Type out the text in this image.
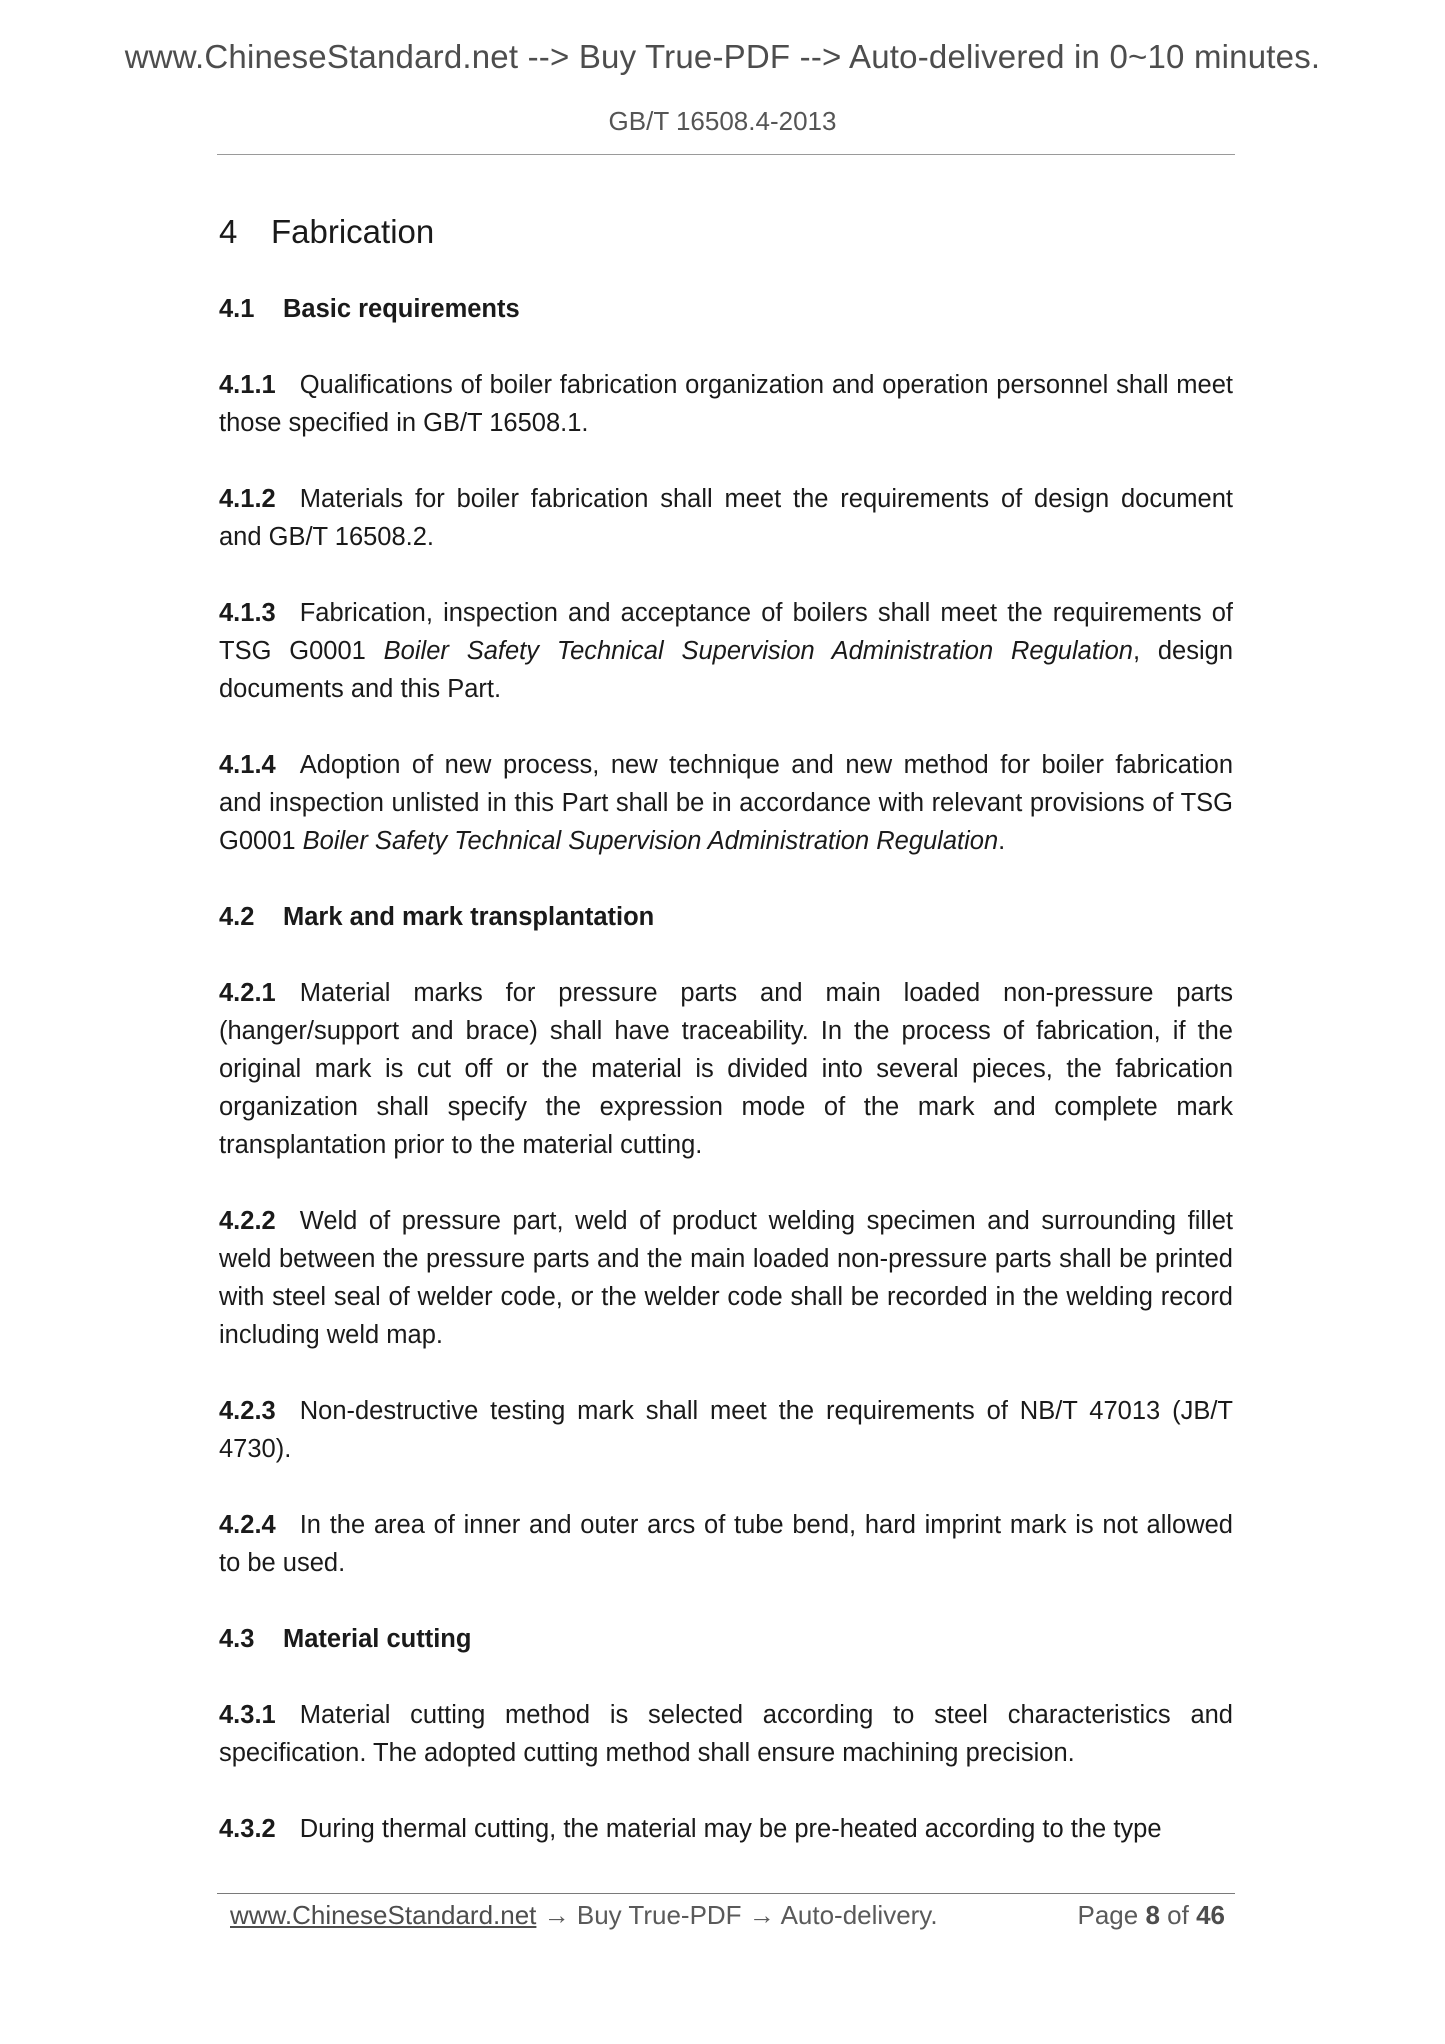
www.ChineseStandard.net --> Buy True-PDF --> Auto-delivered in 0~10 minutes.
GB/T 16508.4-2013
4 Fabrication
4.1 Basic requirements
4.1.1 Qualifications of boiler fabrication organization and operation personnel shall meet those specified in GB/T 16508.1.
4.1.2 Materials for boiler fabrication shall meet the requirements of design document and GB/T 16508.2.
4.1.3 Fabrication, inspection and acceptance of boilers shall meet the requirements of TSG G0001 Boiler Safety Technical Supervision Administration Regulation, design documents and this Part.
4.1.4 Adoption of new process, new technique and new method for boiler fabrication and inspection unlisted in this Part shall be in accordance with relevant provisions of TSG G0001 Boiler Safety Technical Supervision Administration Regulation.
4.2 Mark and mark transplantation
4.2.1 Material marks for pressure parts and main loaded non-pressure parts (hanger/support and brace) shall have traceability. In the process of fabrication, if the original mark is cut off or the material is divided into several pieces, the fabrication organization shall specify the expression mode of the mark and complete mark transplantation prior to the material cutting.
4.2.2 Weld of pressure part, weld of product welding specimen and surrounding fillet weld between the pressure parts and the main loaded non-pressure parts shall be printed with steel seal of welder code, or the welder code shall be recorded in the welding record including weld map.
4.2.3 Non-destructive testing mark shall meet the requirements of NB/T 47013 (JB/T 4730).
4.2.4 In the area of inner and outer arcs of tube bend, hard imprint mark is not allowed to be used.
4.3 Material cutting
4.3.1 Material cutting method is selected according to steel characteristics and specification. The adopted cutting method shall ensure machining precision.
4.3.2 During thermal cutting, the material may be pre-heated according to the type
www.ChineseStandard.net → Buy True-PDF → Auto-delivery.	Page 8 of 46
